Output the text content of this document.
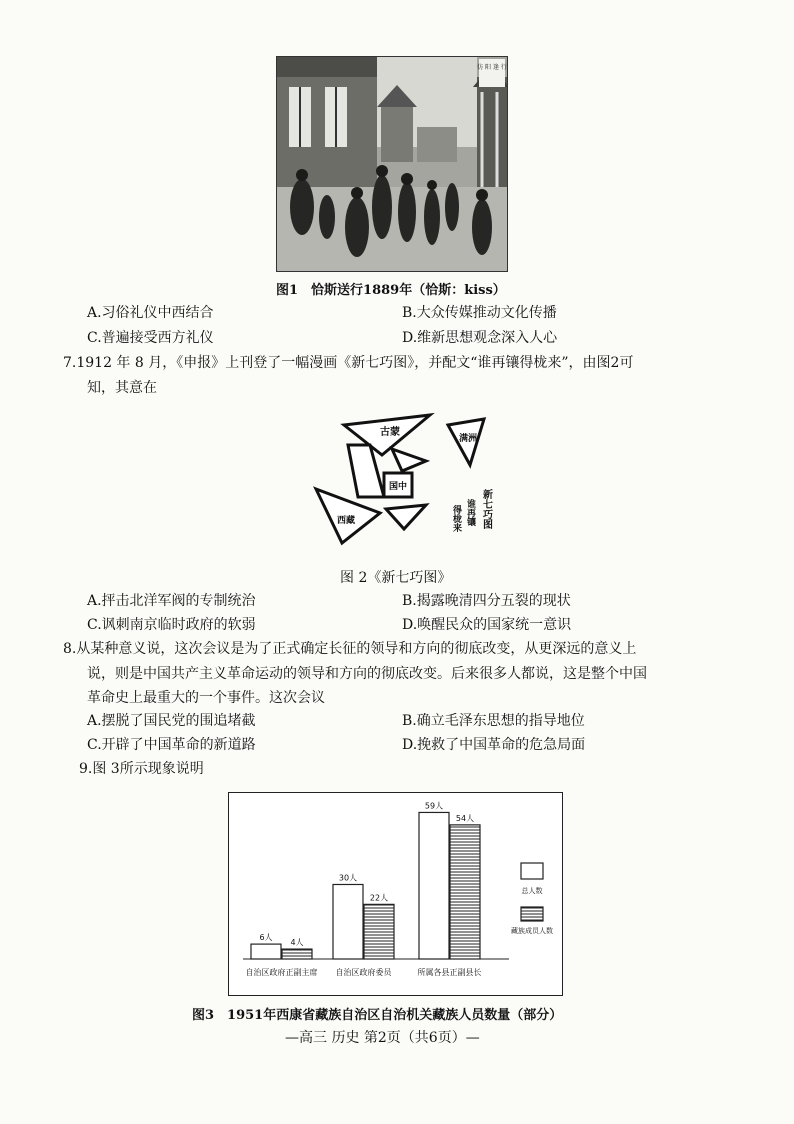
仿 阳 逢 行
图1　恰斯送行1889年（恰斯：kiss）
A.习俗礼仪中西结合	B.大众传媒推动文化传播
C.普遍接受西方礼仪	D.维新思想观念深入人心
7.1912 年 8 月，《申报》上刊登了一幅漫画《新七巧图》，并配文“谁再镶得栊来”，由图2可
知，其意在
古蒙
满洲
国中
西藏	新七巧图
谁再镶
得栊来
图 2《新七巧图》
A.抨击北洋军阀的专制统治	B.揭露晚清四分五裂的现状
C.讽刺南京临时政府的软弱	D.唤醒民众的国家统一意识
8.从某种意义说，这次会议是为了正式确定长征的领导和方向的彻底改变，从更深远的意义上
说，则是中国共产主义革命运动的领导和方向的彻底改变。后来很多人都说，这是整个中国
革命史上最重大的一个事件。这次会议
A.摆脱了国民党的围追堵截	B.确立毛泽东思想的指导地位
C.开辟了中国革命的新道路	D.挽救了中国革命的危急局面
9.图 3所示现象说明
6人
4人
自治区政府正副主席
30人
22人
自治区政府委员
59人
54人
所属各县正副县长
总人数
藏族成员人数
图3　1951年西康省藏族自治区自治机关藏族人员数量（部分）
—高三 历史 第2页（共6页）—
